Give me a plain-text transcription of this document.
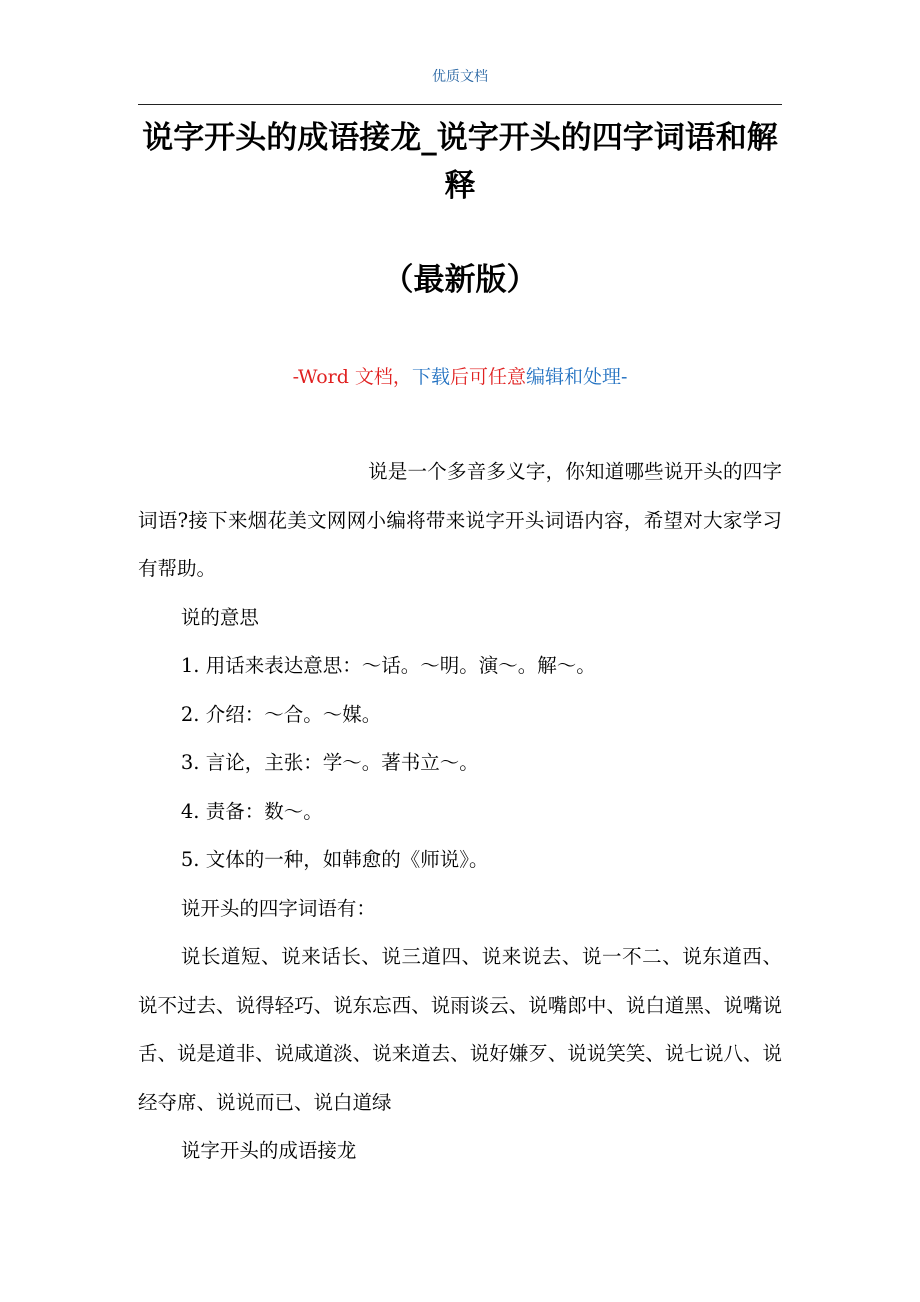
优质文档
说字开头的成语接龙_说字开头的四字词语和解释
（最新版）
-Word 文档，下载后可任意编辑和处理-

说是一个多音多义字，你知道哪些说开头的四字词语?接下来烟花美文网网小编将带来说字开头词语内容，希望对大家学习有帮助。

说的意思

1. 用话来表达意思：～话。～明。演～。解～。

2. 介绍：～合。～媒。

3. 言论，主张：学～。著书立～。

4. 责备：数～。

5. 文体的一种，如韩愈的《师说》。

说开头的四字词语有：

说长道短、说来话长、说三道四、说来说去、说一不二、说东道西、说不过去、说得轻巧、说东忘西、说雨谈云、说嘴郎中、说白道黑、说嘴说舌、说是道非、说咸道淡、说来道去、说好嫌歹、说说笑笑、说七说八、说经夺席、说说而已、说白道绿

说字开头的成语接龙
